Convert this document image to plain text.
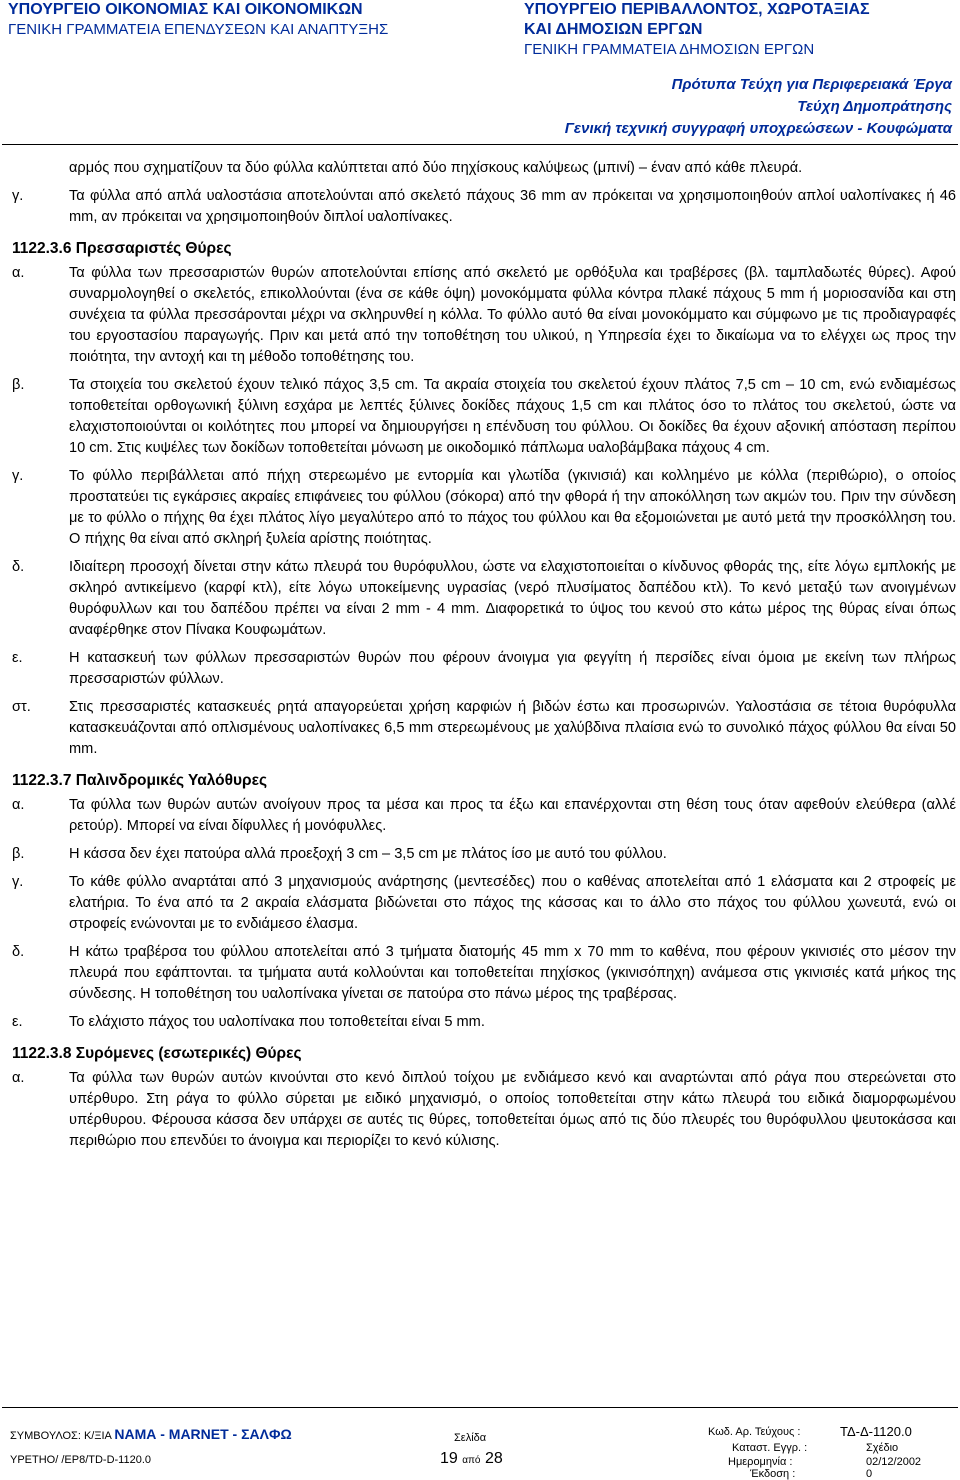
ΥΠΟΥΡΓΕΙΟ ΟΙΚΟΝΟΜΙΑΣ ΚΑΙ ΟΙΚΟΝΟΜΙΚΩΝ
ΓΕΝΙΚΗ ΓΡΑΜΜΑΤΕΙΑ ΕΠΕΝΔΥΣΕΩΝ ΚΑΙ ΑΝΑΠΤΥΞΗΣ
ΥΠΟΥΡΓΕΙΟ ΠΕΡΙΒΑΛΛΟΝΤΟΣ, ΧΩΡΟΤΑΞΙΑΣ
ΚΑΙ ΔΗΜΟΣΙΩΝ ΕΡΓΩΝ
ΓΕΝΙΚΗ ΓΡΑΜΜΑΤΕΙΑ ΔΗΜΟΣΙΩΝ ΕΡΓΩΝ
Πρότυπα Τεύχη για Περιφερειακά Έργα
Τεύχη Δημοπράτησης
Γενική τεχνική συγγραφή υποχρεώσεων - Κουφώματα
αρμός που σχηματίζουν τα δύο φύλλα καλύπτεται από δύο πηχίσκους καλύψεως (μπινί) – έναν από κάθε πλευρά.
γ.	Τα φύλλα από απλά υαλοστάσια αποτελούνται από σκελετό πάχους 36 mm αν πρόκειται να χρησιμοποιηθούν απλοί υαλοπίνακες ή 46 mm, αν πρόκειται να χρησιμοποιηθούν διπλοί υαλοπίνακες.
1122.3.6 Πρεσσαριστές Θύρες
α.	Τα φύλλα των πρεσσαριστών θυρών αποτελούνται επίσης από σκελετό με ορθόξυλα και τραβέρσες (βλ. ταμπλαδωτές θύρες). Αφού συναρμολογηθεί ο σκελετός, επικολλούνται (ένα σε κάθε όψη) μονοκόμματα φύλλα κόντρα πλακέ πάχους 5 mm ή μοριοσανίδα και στη συνέχεια τα φύλλα πρεσσάρονται μέχρι να σκληρυνθεί η κόλλα. Το φύλλο αυτό θα είναι μονοκόμματο και σύμφωνο με τις προδιαγραφές του εργοστασίου παραγωγής. Πριν και μετά από την τοποθέτηση του υλικού, η Υπηρεσία έχει το δικαίωμα να το ελέγχει ως προς την ποιότητα, την αντοχή και τη μέθοδο τοποθέτησης του.
β.	Τα στοιχεία του σκελετού έχουν τελικό πάχος 3,5 cm. Τα ακραία στοιχεία του σκελετού έχουν πλάτος 7,5 cm – 10 cm, ενώ ενδιαμέσως τοποθετείται ορθογωνική ξύλινη εσχάρα με λεπτές ξύλινες δοκίδες πάχους 1,5 cm και πλάτος όσο το πλάτος του σκελετού, ώστε να ελαχιστοποιούνται οι κοιλότητες που μπορεί να δημιουργήσει η επένδυση του φύλλου. Οι δοκίδες θα έχουν αξονική απόσταση περίπου 10 cm. Στις κυψέλες των δοκίδων τοποθετείται μόνωση με οικοδομικό πάπλωμα υαλοβάμβακα πάχους 4 cm.
γ.	Το φύλλο περιβάλλεται από πήχη στερεωμένο με εντορμία και γλωτίδα (γκινισιά) και κολλημένο με κόλλα (περιθώριο), ο οποίος προστατεύει τις εγκάρσιες ακραίες επιφάνειες του φύλλου (σόκορα) από την φθορά ή την αποκόλληση των ακμών του. Πριν την σύνδεση με το φύλλο ο πήχης θα έχει πλάτος λίγο μεγαλύτερο από το πάχος του φύλλου και θα εξομοιώνεται με αυτό μετά την προσκόλληση του. Ο πήχης θα είναι από σκληρή ξυλεία αρίστης ποιότητας.
δ.	Ιδιαίτερη προσοχή δίνεται στην κάτω πλευρά του θυρόφυλλου, ώστε να ελαχιστοποιείται ο κίνδυνος φθοράς της, είτε λόγω εμπλοκής με σκληρό αντικείμενο (καρφί κτλ), είτε λόγω υποκείμενης υγρασίας (νερό πλυσίματος δαπέδου κτλ). Το κενό μεταξύ των ανοιγμένων θυρόφυλλων και του δαπέδου πρέπει να είναι 2 mm - 4 mm. Διαφορετικά το ύψος του κενού στο κάτω μέρος της θύρας είναι όπως αναφέρθηκε στον Πίνακα Κουφωμάτων.
ε.	Η κατασκευή των φύλλων πρεσσαριστών θυρών που φέρουν άνοιγμα για φεγγίτη ή περσίδες είναι όμοια με εκείνη των πλήρως πρεσσαριστών φύλλων.
στ.	Στις πρεσσαριστές κατασκευές ρητά απαγορεύεται χρήση καρφιών ή βιδών έστω και προσωρινών. Υαλοστάσια σε τέτοια θυρόφυλλα κατασκευάζονται από οπλισμένους υαλοπίνακες 6,5 mm στερεωμένους με χαλύβδινα πλαίσια ενώ το συνολικό πάχος φύλλου θα είναι 50 mm.
1122.3.7 Παλινδρομικές Υαλόθυρες
α.	Τα φύλλα των θυρών αυτών ανοίγουν προς τα μέσα και προς τα έξω και επανέρχονται στη θέση τους όταν αφεθούν ελεύθερα (αλλέ ρετούρ). Μπορεί να είναι δίφυλλες ή μονόφυλλες.
β.	Η κάσσα δεν έχει πατούρα αλλά προεξοχή 3 cm – 3,5 cm με πλάτος ίσο με αυτό του φύλλου.
γ.	Το κάθε φύλλο αναρτάται από 3 μηχανισμούς ανάρτησης (μεντεσέδες) που ο καθένας αποτελείται από 1 ελάσματα και 2 στροφείς με ελατήρια. Το ένα από τα 2 ακραία ελάσματα βιδώνεται στο πάχος της κάσσας και το άλλο στο πάχος του φύλλου χωνευτά, ενώ οι στροφείς ενώνονται με το ενδιάμεσο έλασμα.
δ.	Η κάτω τραβέρσα του φύλλου αποτελείται από 3 τμήματα διατομής 45 mm x 70 mm το καθένα, που φέρουν γκινισιές στο μέσον την πλευρά που εφάπτονται. τα τμήματα αυτά κολλούνται και τοποθετείται πηχίσκος (γκινισόπηχη) ανάμεσα στις γκινισιές κατά μήκος της σύνδεσης. Η τοποθέτηση του υαλοπίνακα γίνεται σε πατούρα στο πάνω μέρος της τραβέρσας.
ε.	Το ελάχιστο πάχος του υαλοπίνακα που τοποθετείται είναι 5 mm.
1122.3.8 Συρόμενες (εσωτερικές) Θύρες
α.	Τα φύλλα των θυρών αυτών κινούνται στο κενό διπλού τοίχου με ενδιάμεσο κενό και αναρτώνται από ράγα που στερεώνεται στο υπέρθυρο. Στη ράγα το φύλλο σύρεται με ειδικό μηχανισμό, ο οποίος τοποθετείται στην κάτω πλευρά του ειδικά διαμορφωμένου υπέρθυρου. Φέρουσα κάσσα δεν υπάρχει σε αυτές τις θύρες, τοποθετείται όμως από τις δύο πλευρές του θυρόφυλλου ψευτοκάσσα και περιθώριο που επενδύει το άνοιγμα και περιορίζει το κενό κύλισης.
ΣΥΜΒΟΥΛΟΣ: Κ/ΞΙΑ ΝΑΜΑ - MARNET - ΣΑΛΦΩ
ΥΡΕΤΗΟ/ /ΕΡ8/TD-D-1120.0
Σελίδα
19 από 28
Κωδ. Αρ. Τεύχους :	ΤΔ-Δ-1120.0
Καταστ. Εγγρ. :	Σχέδιο
Ημερομηνία :	02/12/2002
Έκδοση :	0
